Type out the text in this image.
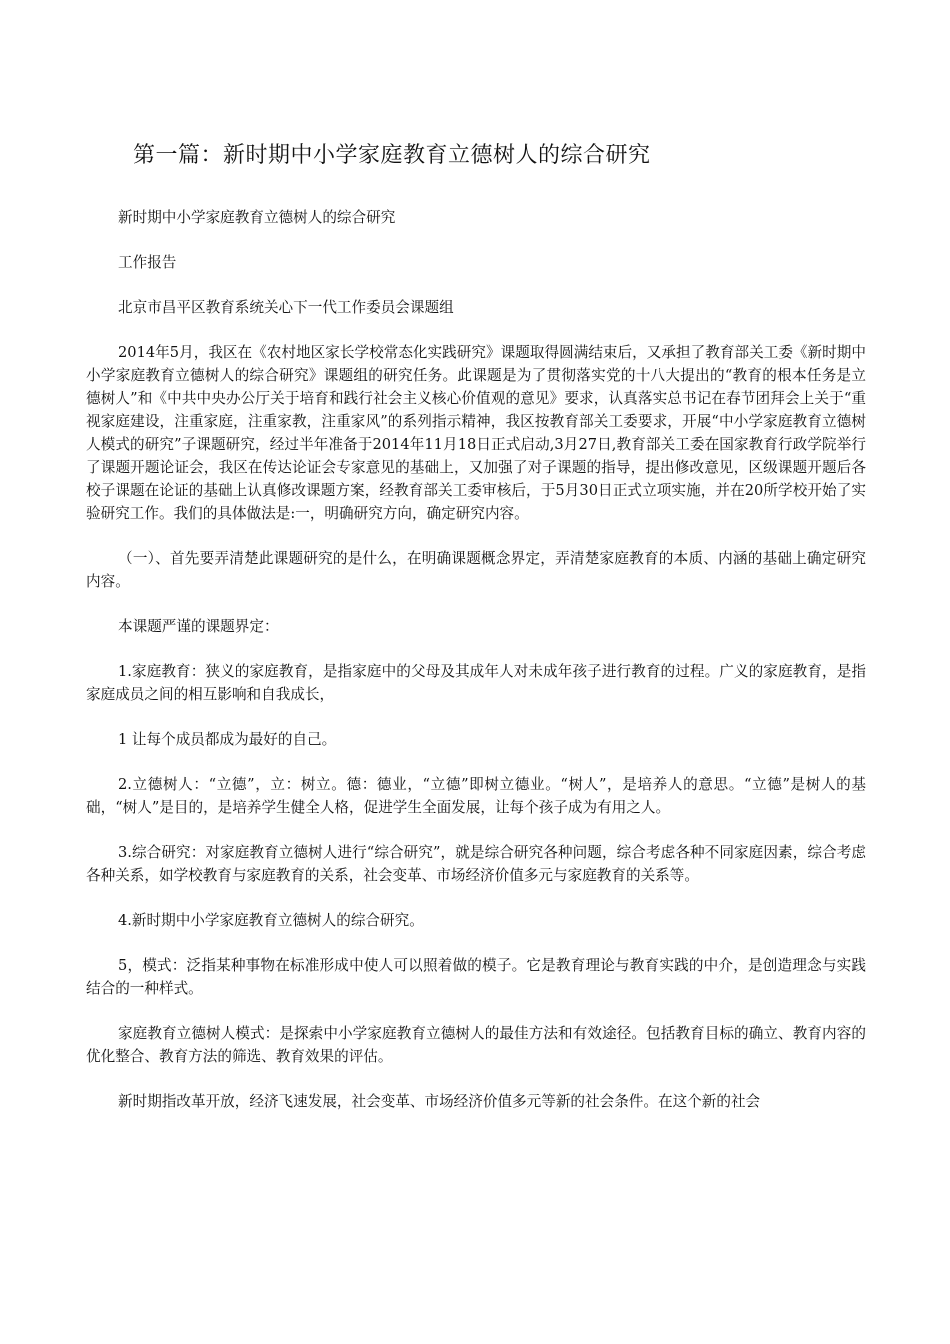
第一篇：新时期中小学家庭教育立德树人的综合研究

新时期中小学家庭教育立德树人的综合研究

工作报告

北京市昌平区教育系统关心下一代工作委员会课题组

2014年5月，我区在《农村地区家长学校常态化实践研究》课题取得圆满结束后，又承担了教育部关工委《新时期中小学家庭教育立德树人的综合研究》课题组的研究任务。此课题是为了贯彻落实党的十八大提出的“教育的根本任务是立德树人”和《中共中央办公厅关于培育和践行社会主义核心价值观的意见》要求，认真落实总书记在春节团拜会上关于“重视家庭建设，注重家庭，注重家教，注重家风”的系列指示精神，我区按教育部关工委要求，开展“中小学家庭教育立德树人模式的研究”子课题研究，经过半年准备于2014年11月18日正式启动,3月27日,教育部关工委在国家教育行政学院举行了课题开题论证会，我区在传达论证会专家意见的基础上，又加强了对子课题的指导，提出修改意见，区级课题开题后各校子课题在论证的基础上认真修改课题方案，经教育部关工委审核后，于5月30日正式立项实施，并在20所学校开始了实验研究工作。我们的具体做法是:一，明确研究方向，确定研究内容。

（一）、首先要弄清楚此课题研究的是什么，在明确课题概念界定，弄清楚家庭教育的本质、内涵的基础上确定研究内容。

本课题严谨的课题界定：

1.家庭教育：狭义的家庭教育，是指家庭中的父母及其成年人对未成年孩子进行教育的过程。广义的家庭教育，是指家庭成员之间的相互影响和自我成长，

1 让每个成员都成为最好的自己。

2.立德树人：“立德”，立：树立。德：德业，“立德”即树立德业。“树人”，是培养人的意思。“立德”是树人的基础，“树人”是目的，是培养学生健全人格，促进学生全面发展，让每个孩子成为有用之人。

3.综合研究：对家庭教育立德树人进行“综合研究”，就是综合研究各种问题，综合考虑各种不同家庭因素，综合考虑各种关系，如学校教育与家庭教育的关系，社会变革、市场经济价值多元与家庭教育的关系等。

4.新时期中小学家庭教育立德树人的综合研究。

5，模式：泛指某种事物在标准形成中使人可以照着做的模子。它是教育理论与教育实践的中介，是创造理念与实践结合的一种样式。

家庭教育立德树人模式：是探索中小学家庭教育立德树人的最佳方法和有效途径。包括教育目标的确立、教育内容的优化整合、教育方法的筛选、教育效果的评估。

新时期指改革开放，经济飞速发展，社会变革、市场经济价值多元等新的社会条件。在这个新的社会
